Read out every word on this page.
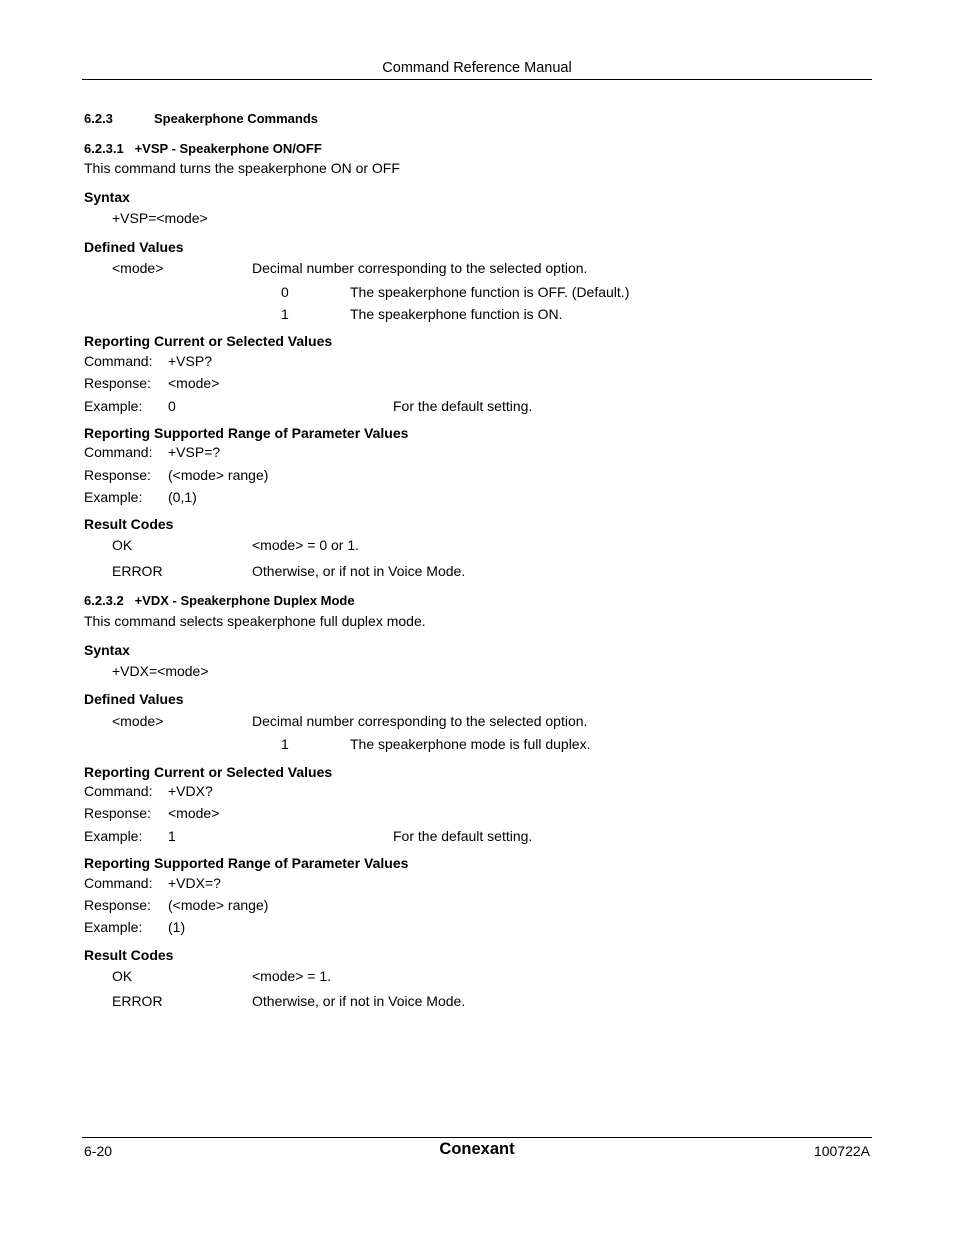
Command Reference Manual
6.2.3	Speakerphone Commands
6.2.3.1   +VSP - Speakerphone ON/OFF
This command turns the speakerphone ON or OFF
Syntax
+VSP=<mode>
Defined Values
<mode>	Decimal number corresponding to the selected option.
0	The speakerphone function is OFF. (Default.)
1	The speakerphone function is ON.
Reporting Current or Selected Values
Command: +VSP?
Response: <mode>
Example: 0	For the default setting.
Reporting Supported Range of Parameter Values
Command: +VSP=?
Response: (<mode> range)
Example: (0,1)
Result Codes
OK	<mode> = 0 or 1.
ERROR	Otherwise, or if not in Voice Mode.
6.2.3.2   +VDX - Speakerphone Duplex Mode
This command selects speakerphone full duplex mode.
Syntax
+VDX=<mode>
Defined Values
<mode>	Decimal number corresponding to the selected option.
1	The speakerphone mode is full duplex.
Reporting Current or Selected Values
Command: +VDX?
Response: <mode>
Example: 1	For the default setting.
Reporting Supported Range of Parameter Values
Command: +VDX=?
Response: (<mode> range)
Example: (1)
Result Codes
OK	<mode> = 1.
ERROR	Otherwise, or if not in Voice Mode.
6-20	Conexant	100722A
